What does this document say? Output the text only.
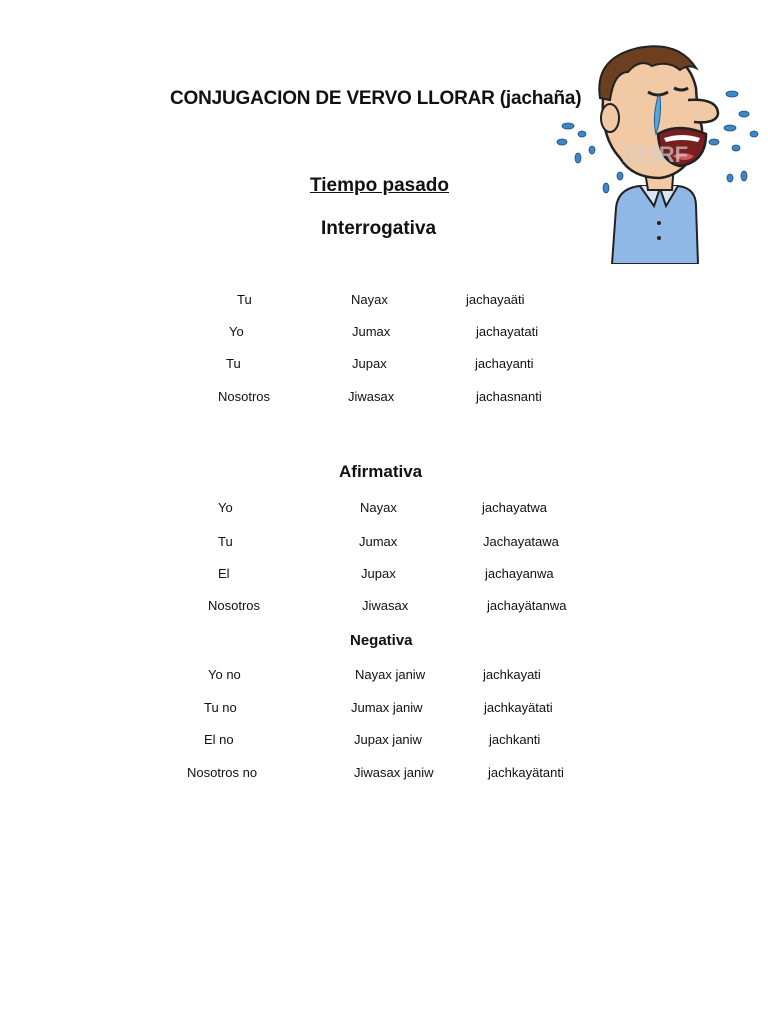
123RF
CONJUGACION DE VERVO LLORAR (jachaña)
Tiempo pasado
Interrogativa
Tu	Nayax	jachayaäti
Yo	Jumax	jachayatati
Tu	Jupax	jachayanti
Nosotros	Jiwasax	jachasnanti
Afirmativa
Yo	Nayax	jachayatwa
Tu	Jumax	Jachayatawa
El	Jupax	jachayanwa
Nosotros	Jiwasax	jachayätanwa
Negativa
Yo no	Nayax janiw	jachkayati
Tu no	Jumax janiw	jachkayätati
El no	Jupax janiw	jachkanti
Nosotros no	Jiwasax janiw	jachkayätanti
